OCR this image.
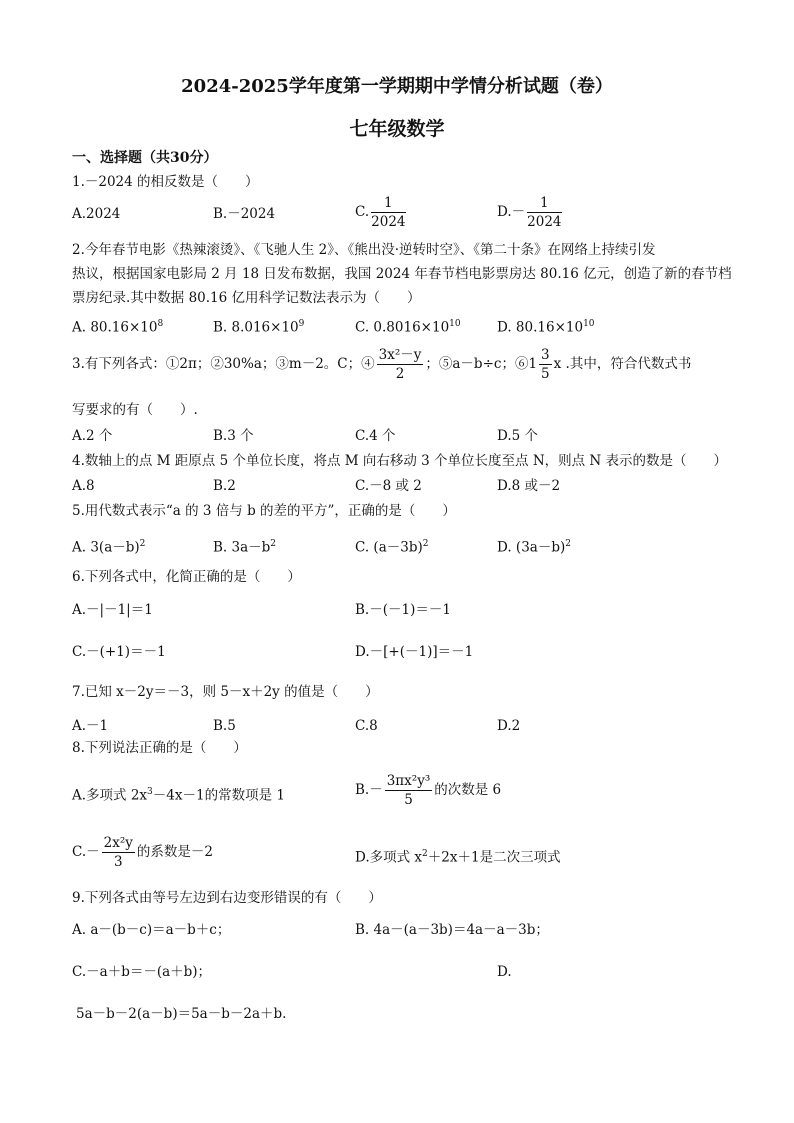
2024-2025学年度第一学期期中学情分析试题（卷）
七年级数学
一、选择题（共30分）
1.－2024 的相反数是（　　）
A.2024	B.－2024	C. $\frac{1}{2024}$	$D.- \frac{1}{2024}$
2.今年春节电影《热辣滚烫》、《飞驰人生 2》、《熊出没·逆转时空》、《第二十条》在网络上持续引发
热议，根据国家电影局 2 月 18 日发布数据，我国 2024 年春节档电影票房达 80.16 亿元，创造了新的春节档
票房纪录.其中数据 80.16 亿用科学记数法表示为（　　）
A. $80.16\times 10^8$	B. $8.016\times 10^9$	C. $0.8016\times 10^{10}$	D. $80.16\times 10^{10}$
3.有下列各式：①2π；②30%a；③m－2。C；④ $\frac{\text{3x²－y}}{2}$ ；⑤a－b÷c；⑥1 $\frac{3}{5}$ x .其中，符合代数式书
写要求的有（　　）.
A.2 个	B.3 个	C.4 个	D.5 个
4.数轴上的点 M 距原点 5 个单位长度，将点 M 向右移动 3 个单位长度至点 N，则点 N 表示的数是（　　）
A.8	B.2	C.－8 或 2	D.8 或－2
5.用代数式表示“a 的 3 倍与 b 的差的平方”，正确的是（　　）
A. $3(a-b)^2$	B. $3a-b^2$	C. $(a-3b)^2$	D. $(3a-b)^2$
6.下列各式中，化简正确的是（　　）
A.－|－1|＝1	B.－(－1)＝－1
C.－(+1)＝－1	D.－[+(－1)]＝－1
7.已知 x－2y＝－3，则 5－x＋2y 的值是（　　）
A.－1	B.5	C.8	D.2
8.下列说法正确的是（　　）
A.多项式 $2x^3-4x-1$的常数项是 1	$B.- \frac{\text{3πx²y³}}{5}$ 的次数是 6
$C.- \frac{\text{2x²y}}{3}$ 的系数是－2	D.多项式 $x^2+2x+1$是二次三项式
9.下列各式由等号左边到右边变形错误的有（　　）
A. a－(b－c)＝a－b＋c；	B. 4a－(a－3b)＝4a－a－3b；
C.－a＋b＝－(a＋b)；	D.
5a－b－2(a－b)＝5a－b－2a＋b.
